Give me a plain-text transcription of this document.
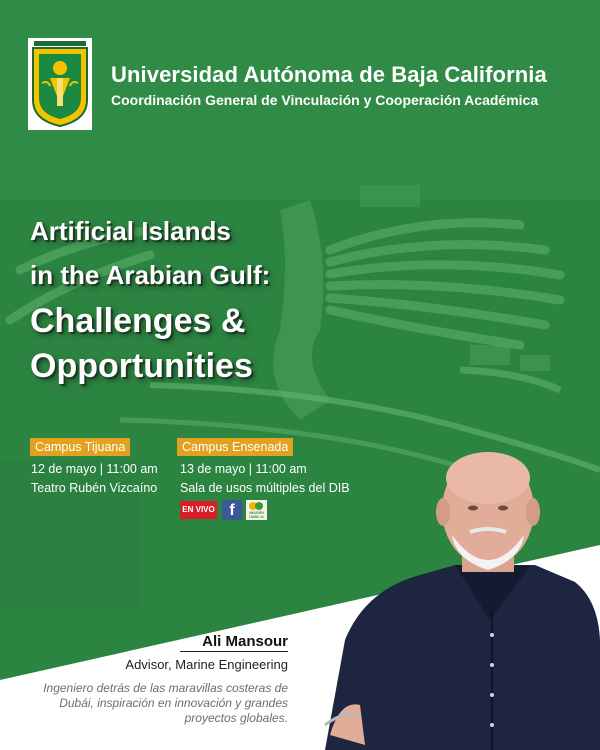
Universidad Autónoma de Baja California
Coordinación General de Vinculación y Cooperación Académica
Artificial Islands
in the Arabian Gulf:
Challenges &
Opportunities
Campus Tijuana
12 de mayo | 11:00 am
Teatro Rubén Vizcaíno
Campus Ensenada
13 de mayo | 11:00 am
Sala de usos múltiples del DIB
EN VIVO f	IMAGEN UABC tv
Ali Mansour
Advisor, Marine Engineering
Ingeniero detrás de las maravillas costeras de Dubái, inspiración en innovación y grandes proyectos globales.
